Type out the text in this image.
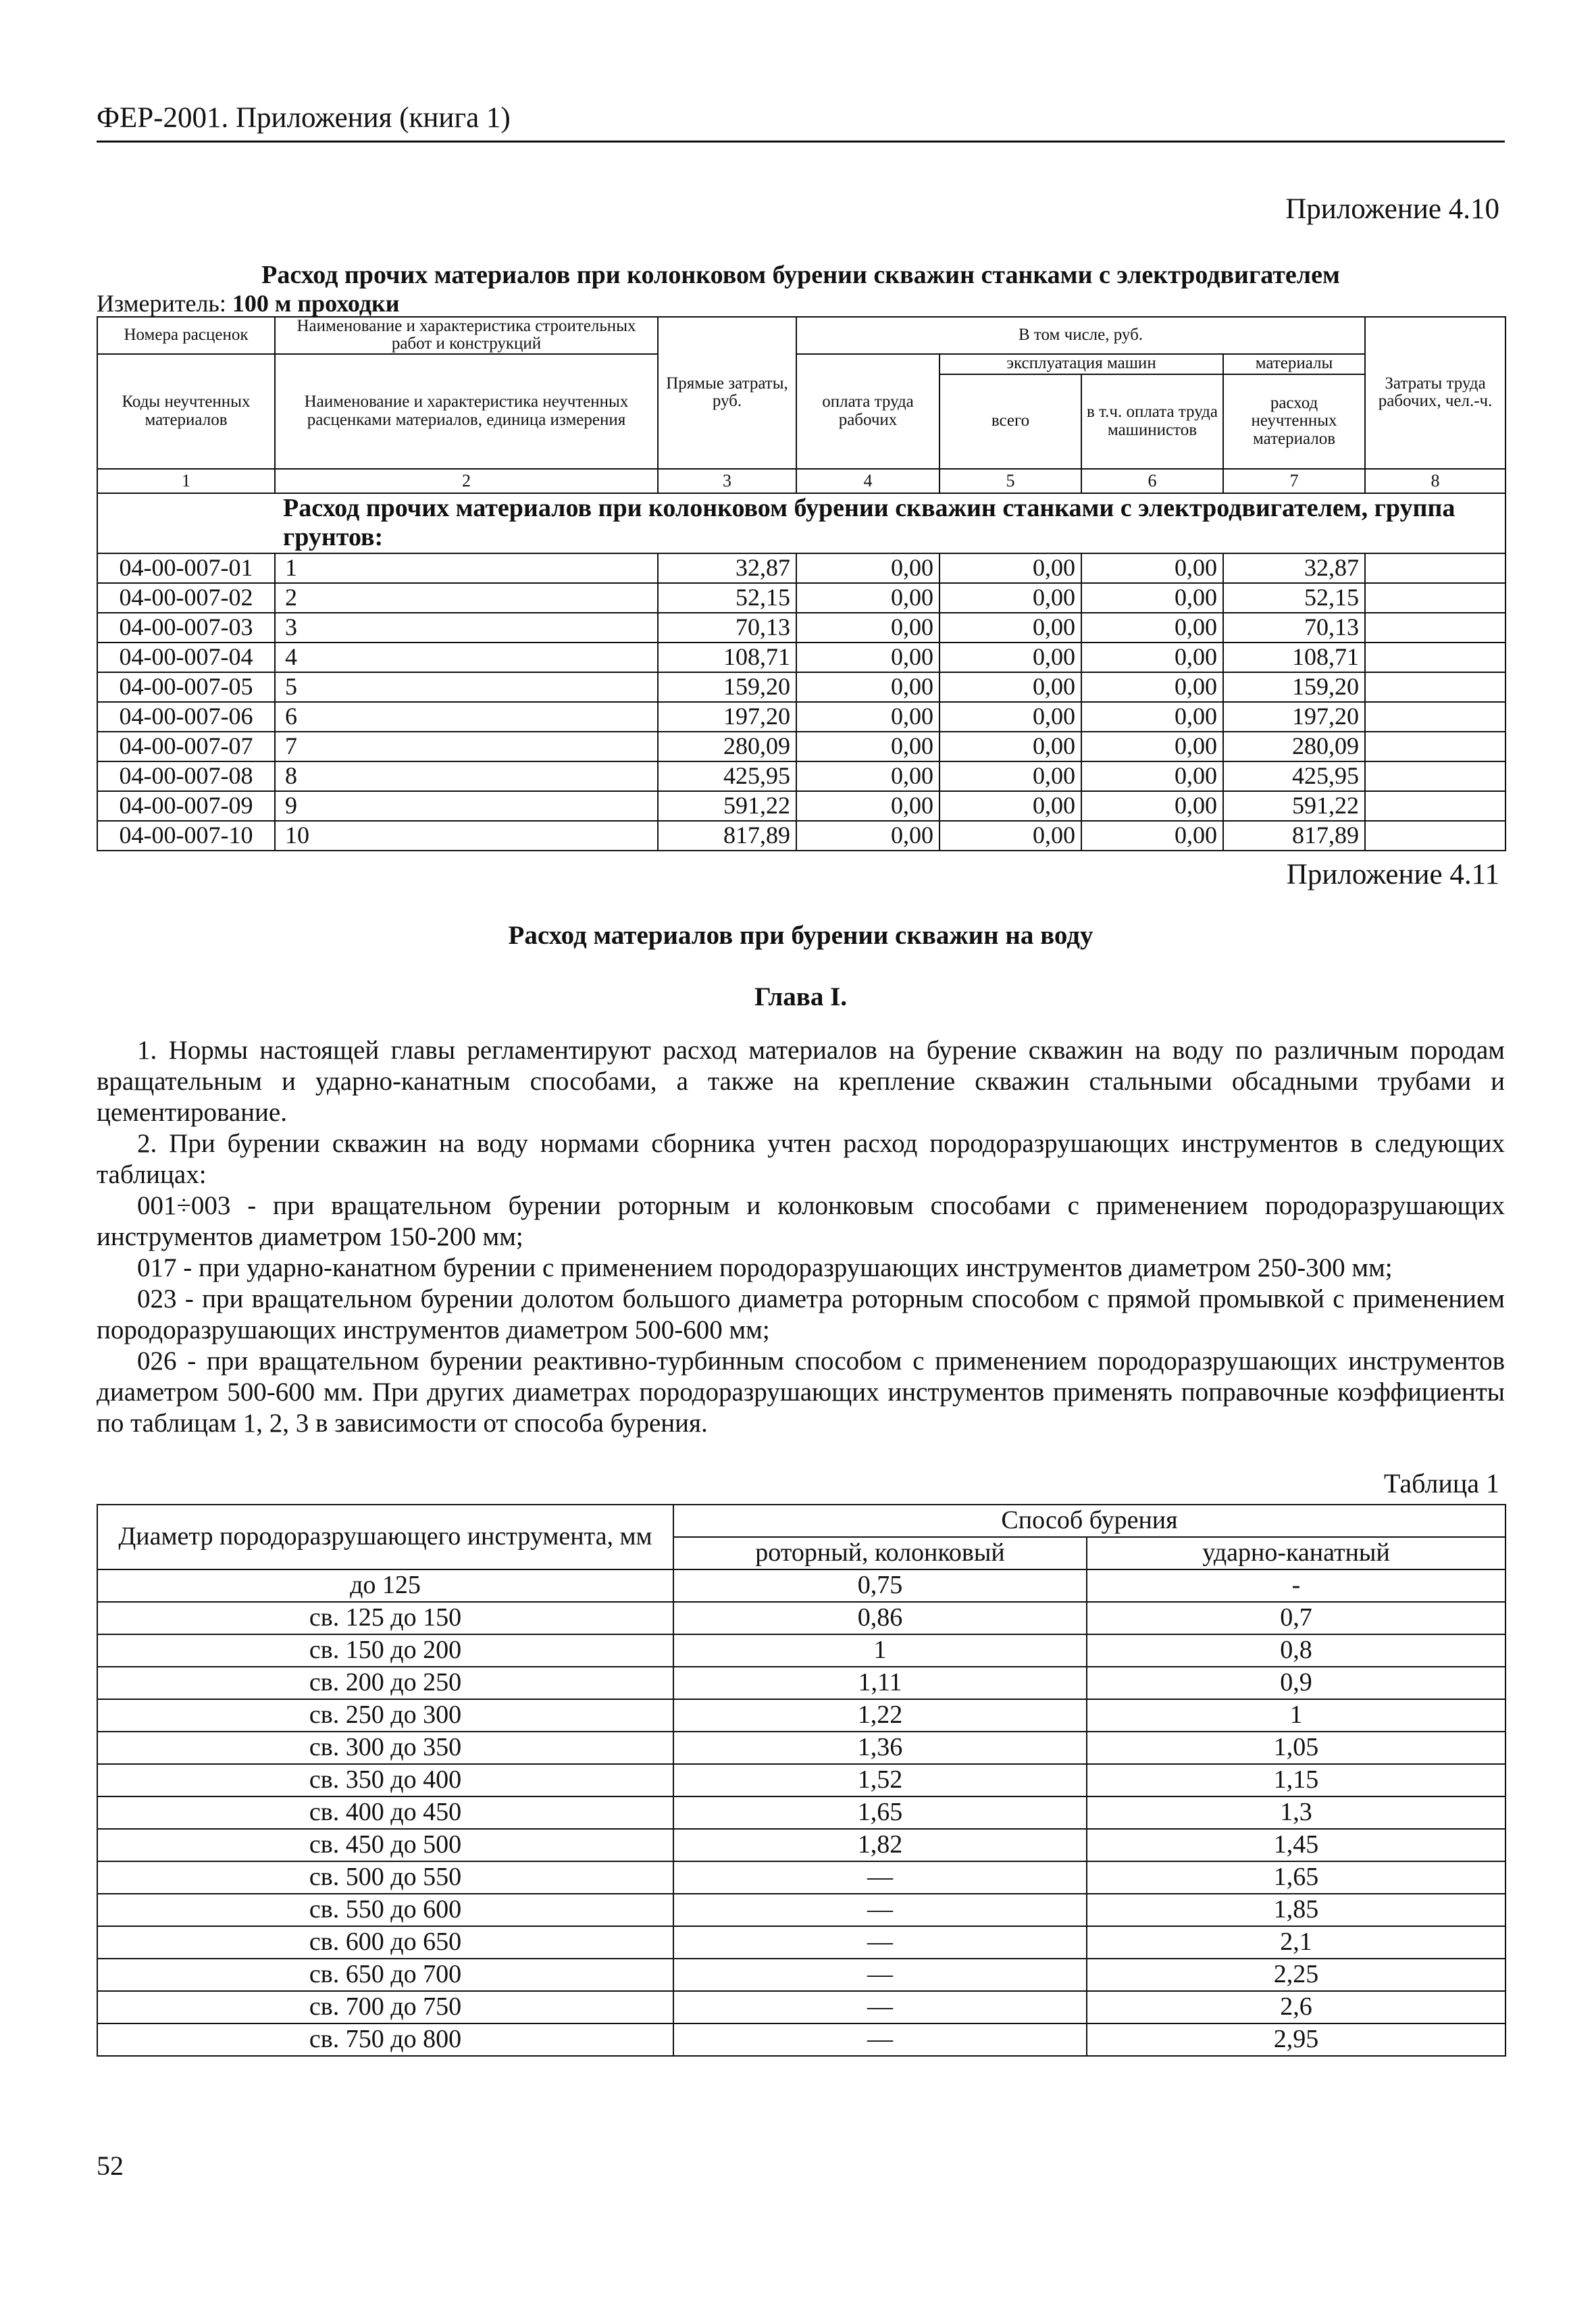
ФЕР-2001. Приложения (книга 1)
Приложение 4.10
Расход прочих материалов при колонковом бурении скважин станками с электродвигателем
Измеритель: 100 м проходки
Номера расценок	Наименование и характеристика строительных работ и конструкций	Прямые затраты, руб.	В том числе, руб.				Затраты труда рабочих, чел.-ч.
Коды неучтенных материалов	Наименование и характеристика неучтенных расценками материалов, единица измерения		оплата труда рабочих	эксплуатация машин		материалы	
				всего	в т.ч. оплата труда машинистов	расход неучтенных материалов	
1	2	3	4	5	6	7	8
	Расход прочих материалов при колонковом бурении скважин станками с электродвигателем, группа грунтов:						
04-00-007-01	1	32,87	0,00	0,00	0,00	32,87	
04-00-007-02	2	52,15	0,00	0,00	0,00	52,15	
04-00-007-03	3	70,13	0,00	0,00	0,00	70,13	
04-00-007-04	4	108,71	0,00	0,00	0,00	108,71	
04-00-007-05	5	159,20	0,00	0,00	0,00	159,20	
04-00-007-06	6	197,20	0,00	0,00	0,00	197,20	
04-00-007-07	7	280,09	0,00	0,00	0,00	280,09	
04-00-007-08	8	425,95	0,00	0,00	0,00	425,95	
04-00-007-09	9	591,22	0,00	0,00	0,00	591,22	
04-00-007-10	10	817,89	0,00	0,00	0,00	817,89	
Приложение 4.11
Расход материалов при бурении скважин на воду
Глава I.
1. Нормы настоящей главы регламентируют расход материалов на бурение скважин на воду по различным породам вращательным и ударно-канатным способами, а также на крепление скважин стальными обсадными трубами и цементирование.
2. При бурении скважин на воду нормами сборника учтен расход породоразрушающих инструментов в следующих таблицах:
001÷003 - при вращательном бурении роторным и колонковым способами с применением породоразрушающих инструментов диаметром 150-200 мм;
017 - при ударно-канатном бурении с применением породоразрушающих инструментов диаметром 250-300 мм;
023 - при вращательном бурении долотом большого диаметра роторным способом с прямой промывкой с применением породоразрушающих инструментов диаметром 500-600 мм;
026 - при вращательном бурении реактивно-турбинным способом с применением породоразрушающих инструментов диаметром 500-600 мм. При других диаметрах породоразрушающих инструментов применять поправочные коэффициенты по таблицам 1, 2, 3 в зависимости от способа бурения.
Таблица 1
Диаметр породоразрушающего инструмента, мм	Способ бурения	
	роторный, колонковый	ударно-канатный
до 125	0,75	-
св. 125 до 150	0,86	0,7
св. 150 до 200	1	0,8
св. 200 до 250	1,11	0,9
св. 250 до 300	1,22	1
св. 300 до 350	1,36	1,05
св. 350 до 400	1,52	1,15
св. 400 до 450	1,65	1,3
св. 450 до 500	1,82	1,45
св. 500 до 550	—	1,65
св. 550 до 600	—	1,85
св. 600 до 650	—	2,1
св. 650 до 700	—	2,25
св. 700 до 750	—	2,6
св. 750 до 800	—	2,95
52
